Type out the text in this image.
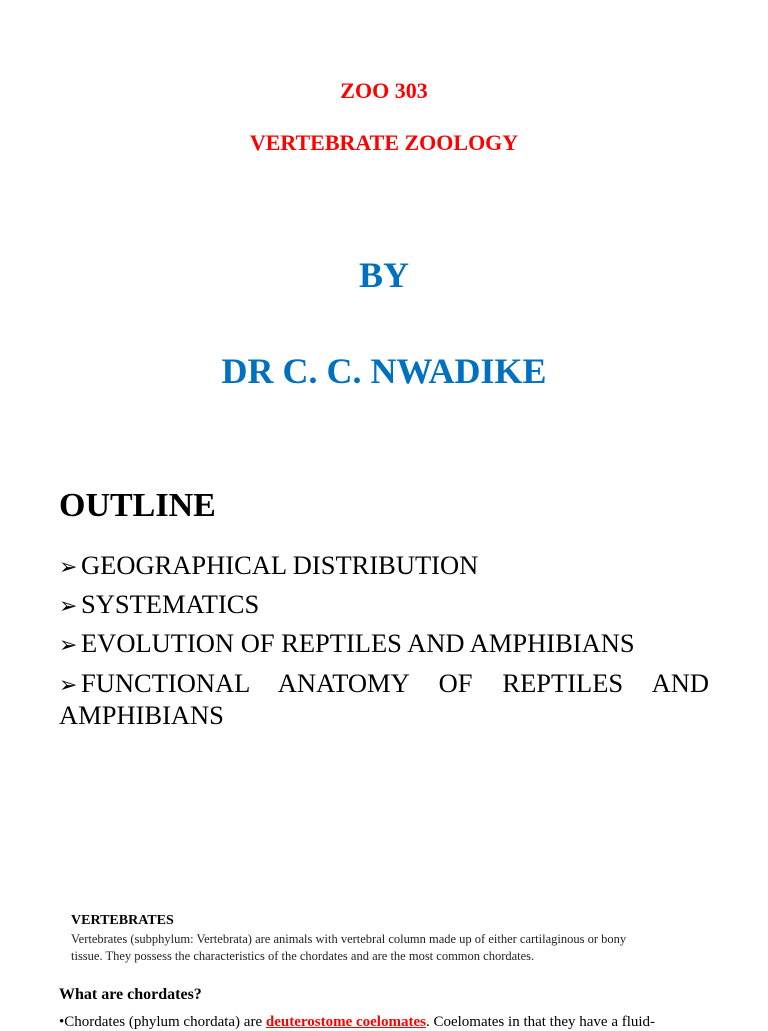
ZOO 303
VERTEBRATE ZOOLOGY
BY
DR C. C. NWADIKE
OUTLINE
➢ GEOGRAPHICAL DISTRIBUTION
➢ SYSTEMATICS
➢ EVOLUTION OF REPTILES AND AMPHIBIANS
➢ FUNCTIONAL ANATOMY OF REPTILES AND AMPHIBIANS
VERTEBRATES
Vertebrates (subphylum: Vertebrata) are animals with vertebral column made up of either cartilaginous or bony tissue. They possess the characteristics of the chordates and are the most common chordates.
What are chordates?
•Chordates (phylum chordata) are deuterostome coelomates. Coelomates in that they have a fluid-
